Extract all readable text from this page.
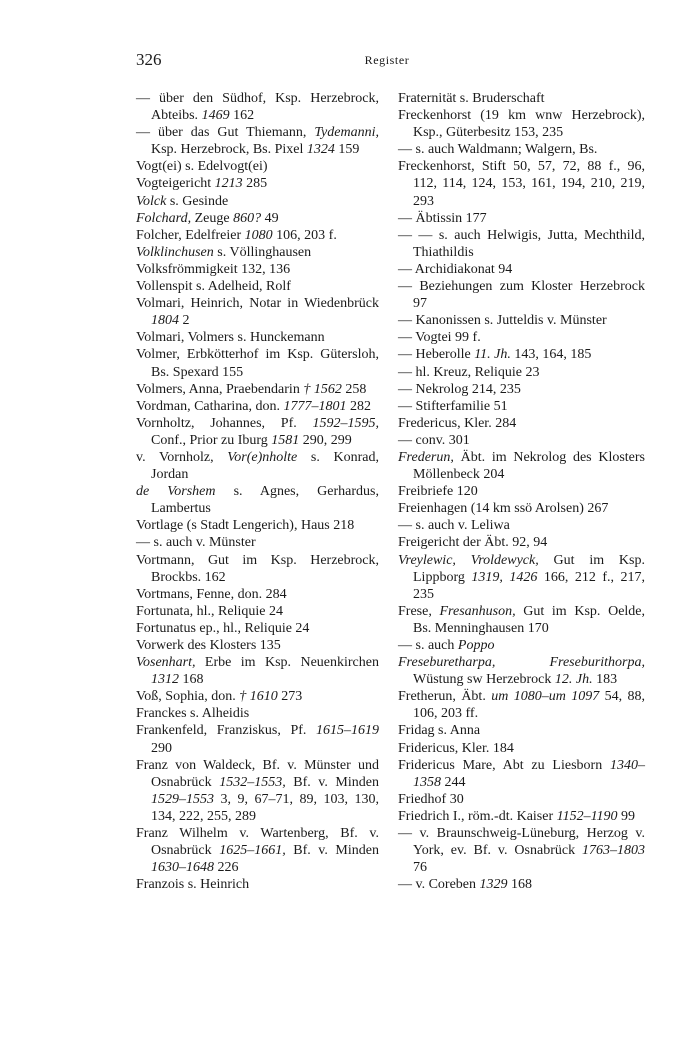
326	Register
— über den Südhof, Ksp. Herzebrock, Abteibs. 1469 162
— über das Gut Thiemann, Tydemanni, Ksp. Herzebrock, Bs. Pixel 1324 159
Vogt(ei) s. Edelvogt(ei)
Vogteigericht 1213 285
Volck s. Gesinde
Folchard, Zeuge 860? 49
Folcher, Edelfreier 1080 106, 203 f.
Volklinchusen s. Völlinghausen
Volksfrömmigkeit 132, 136
Vollenspit s. Adelheid, Rolf
Volmari, Heinrich, Notar in Wiedenbrück 1804 2
Volmari, Volmers s. Hunckemann
Volmer, Erbkötterhof im Ksp. Gütersloh, Bs. Spexard 155
Volmers, Anna, Praebendarin † 1562 258
Vordman, Catharina, don. 1777–1801 282
Vornholtz, Johannes, Pf. 1592–1595, Conf., Prior zu Iburg 1581 290, 299
v. Vornholz, Vor(e)nholte s. Konrad, Jordan
de Vorshem s. Agnes, Gerhardus, Lambertus
Vortlage (s Stadt Lengerich), Haus 218
— s. auch v. Münster
Vortmann, Gut im Ksp. Herzebrock, Brockbs. 162
Vortmans, Fenne, don. 284
Fortunata, hl., Reliquie 24
Fortunatus ep., hl., Reliquie 24
Vorwerk des Klosters 135
Vosenhart, Erbe im Ksp. Neuenkirchen 1312 168
Voß, Sophia, don. † 1610 273
Franckes s. Alheidis
Frankenfeld, Franziskus, Pf. 1615–1619 290
Franz von Waldeck, Bf. v. Münster und Osnabrück 1532–1553, Bf. v. Minden 1529–1553 3, 9, 67–71, 89, 103, 130, 134, 222, 255, 289
Franz Wilhelm v. Wartenberg, Bf. v. Osnabrück 1625–1661, Bf. v. Minden 1630–1648 226
Franzois s. Heinrich
Fraternität s. Bruderschaft
Freckenhorst (19 km wnw Herzebrock), Ksp., Güterbesitz 153, 235
— s. auch Waldmann; Walgern, Bs.
Freckenhorst, Stift 50, 57, 72, 88 f., 96, 112, 114, 124, 153, 161, 194, 210, 219, 293
— Äbtissin 177
— — s. auch Helwigis, Jutta, Mechthild, Thiathildis
— Archidiakonat 94
— Beziehungen zum Kloster Herzebrock 97
— Kanonissen s. Jutteldis v. Münster
— Vogtei 99 f.
— Heberolle 11. Jh. 143, 164, 185
— hl. Kreuz, Reliquie 23
— Nekrolog 214, 235
— Stifterfamilie 51
Fredericus, Kler. 284
— conv. 301
Frederun, Äbt. im Nekrolog des Klosters Möllenbeck 204
Freibriefe 120
Freienhagen (14 km ssö Arolsen) 267
— s. auch v. Leliwa
Freigericht der Äbt. 92, 94
Vreylewic, Vroldewyck, Gut im Ksp. Lippborg 1319, 1426 166, 212 f., 217, 235
Frese, Fresanhuson, Gut im Ksp. Oelde, Bs. Menninghausen 170
— s. auch Poppo
Freseburetharpa, Freseburithorpa, Wüstung sw Herzebrock 12. Jh. 183
Fretherun, Äbt. um 1080–um 1097 54, 88, 106, 203 ff.
Fridag s. Anna
Fridericus, Kler. 184
Fridericus Mare, Abt zu Liesborn 1340–1358 244
Friedhof 30
Friedrich I., röm.-dt. Kaiser 1152–1190 99
— v. Braunschweig-Lüneburg, Herzog v. York, ev. Bf. v. Osnabrück 1763–1803 76
— v. Coreben 1329 168
